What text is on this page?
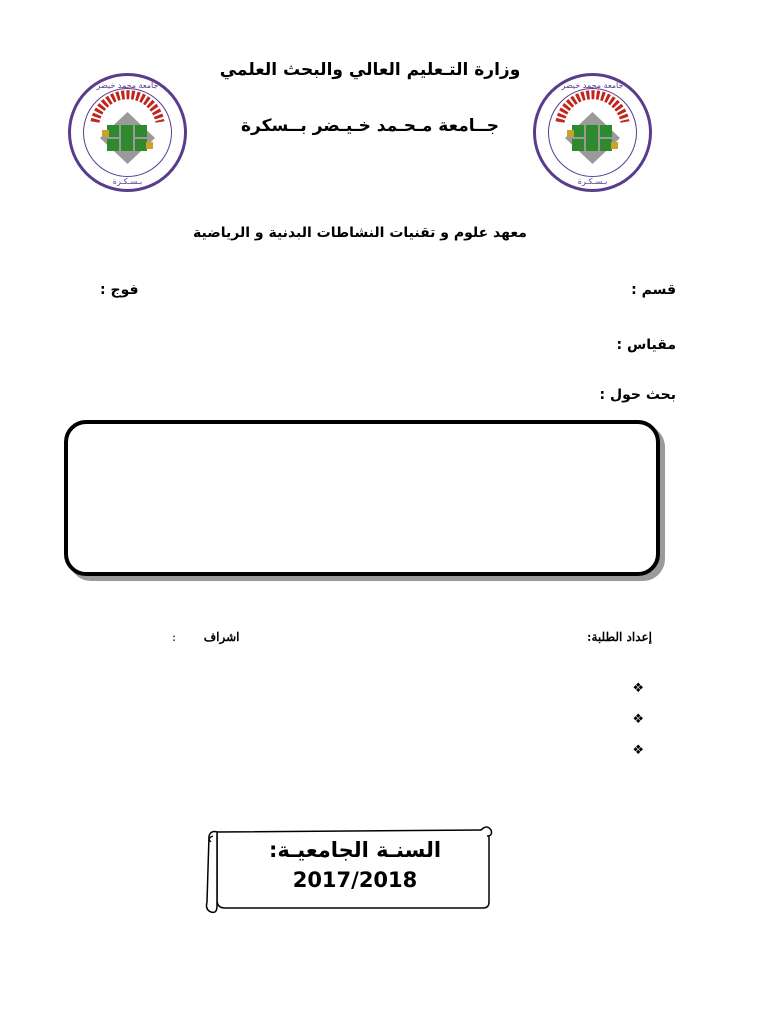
جامعة محمد خيضر
بـسـكـرة
جامعة محمد خيضر
بـسـكـرة
وزارة التـعليم العالي والبحث العلمي
جــامعة مـحـمد خـيـضر بــسكرة
معهد علوم و تقنيات النشاطات البدنية و الرياضية
قسم :
فوج :
مقياس :
بحث حول :
إعداد الطلبة:
اشراف  :
❖
❖
❖
السنـة الجامعيـة:
2017/2018
